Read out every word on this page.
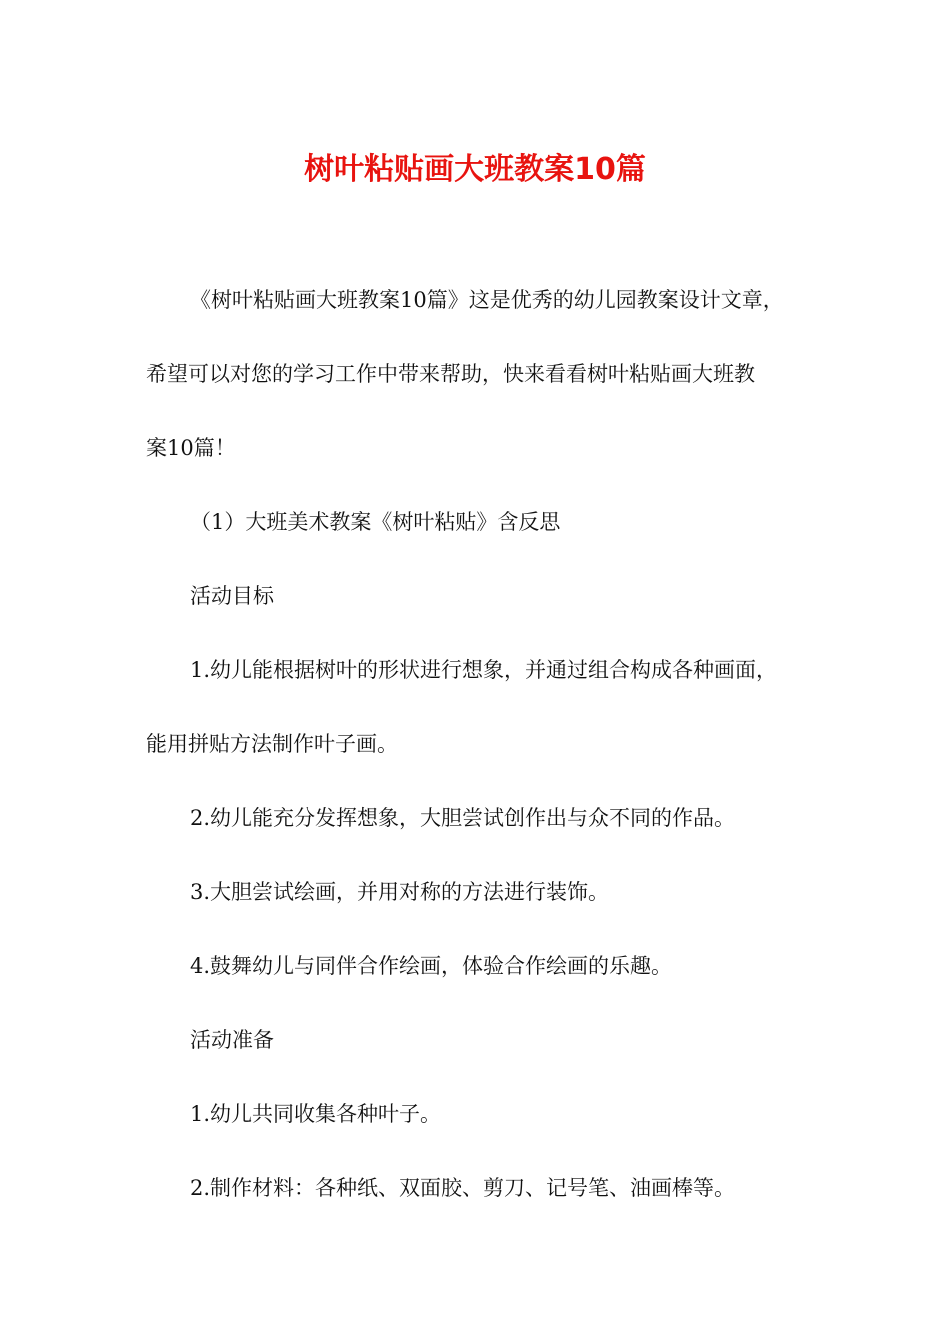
树叶粘贴画大班教案10篇

《树叶粘贴画大班教案10篇》这是优秀的幼儿园教案设计文章，

希望可以对您的学习工作中带来帮助，快来看看树叶粘贴画大班教

案10篇！

（1）大班美术教案《树叶粘贴》含反思

活动目标

1.幼儿能根据树叶的形状进行想象，并通过组合构成各种画面，

能用拼贴方法制作叶子画。

2.幼儿能充分发挥想象，大胆尝试创作出与众不同的作品。

3.大胆尝试绘画，并用对称的方法进行装饰。

4.鼓舞幼儿与同伴合作绘画，体验合作绘画的乐趣。

活动准备

1.幼儿共同收集各种叶子。

2.制作材料：各种纸、双面胶、剪刀、记号笔、油画棒等。
